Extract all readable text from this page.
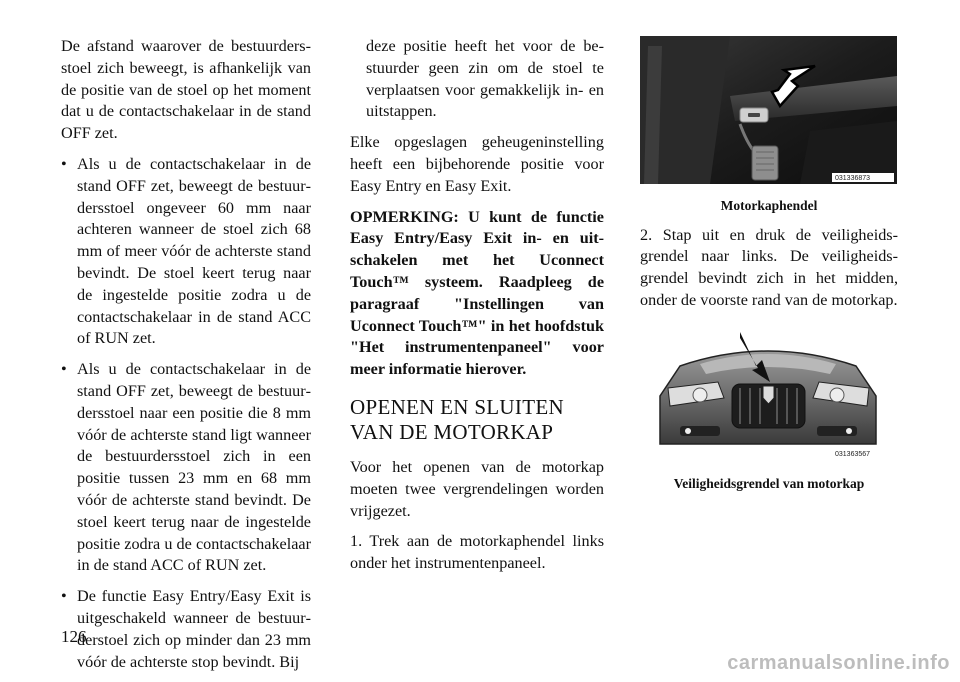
De afstand waarover de bestuurdersstoel zich beweegt, is afhankelijk van de positie van de stoel op het moment dat u de contactschakelaar in de stand OFF zet.

• Als u de contactschakelaar in de stand OFF zet, beweegt de bestuurdersstoel ongeveer 60 mm naar achteren wanneer de stoel zich 68 mm of meer vóór de achterste stand bevindt. De stoel keert terug naar de ingestelde positie zodra u de contactschakelaar in de stand ACC of RUN zet.
• Als u de contactschakelaar in de stand OFF zet, beweegt de bestuurdersstoel naar een positie die 8 mm vóór de achterste stand ligt wanneer de bestuurdersstoel zich in een positie tussen 23 mm en 68 mm vóór de achterste stand bevindt. De stoel keert terug naar de ingestelde positie zodra u de contactschakelaar in de stand ACC of RUN zet.
• De functie Easy Entry/Easy Exit is uitgeschakeld wanneer de bestuurderstoel zich op minder dan 23 mm vóór de achterste stop bevindt. Bij
deze positie heeft het voor de bestuurder geen zin om de stoel te verplaatsen voor gemakkelijk in- en uitstappen.

Elke opgeslagen geheugeninstelling heeft een bijbehorende positie voor Easy Entry en Easy Exit.

OPMERKING: U kunt de functie Easy Entry/Easy Exit in- en uitschakelen met het Uconnect Touch™ systeem. Raadpleeg de paragraaf "Instellingen van Uconnect Touch™" in het hoofdstuk "Het instrumentenpaneel" voor meer informatie hierover.
OPENEN EN SLUITEN
VAN DE MOTORKAP

Voor het openen van de motorkap moeten twee vergrendelingen worden vrijgezet.

1. Trek aan de motorkaphendel links onder het instrumentenpaneel.

0313368​73
Motorkaphendel

2. Stap uit en druk de veiligheidsgrendel naar links. De veiligheidsgrendel bevindt zich in het midden, onder de voorste rand van de motorkap.

031363567
Veiligheidsgrendel van motorkap
126
carmanualsonline.info
